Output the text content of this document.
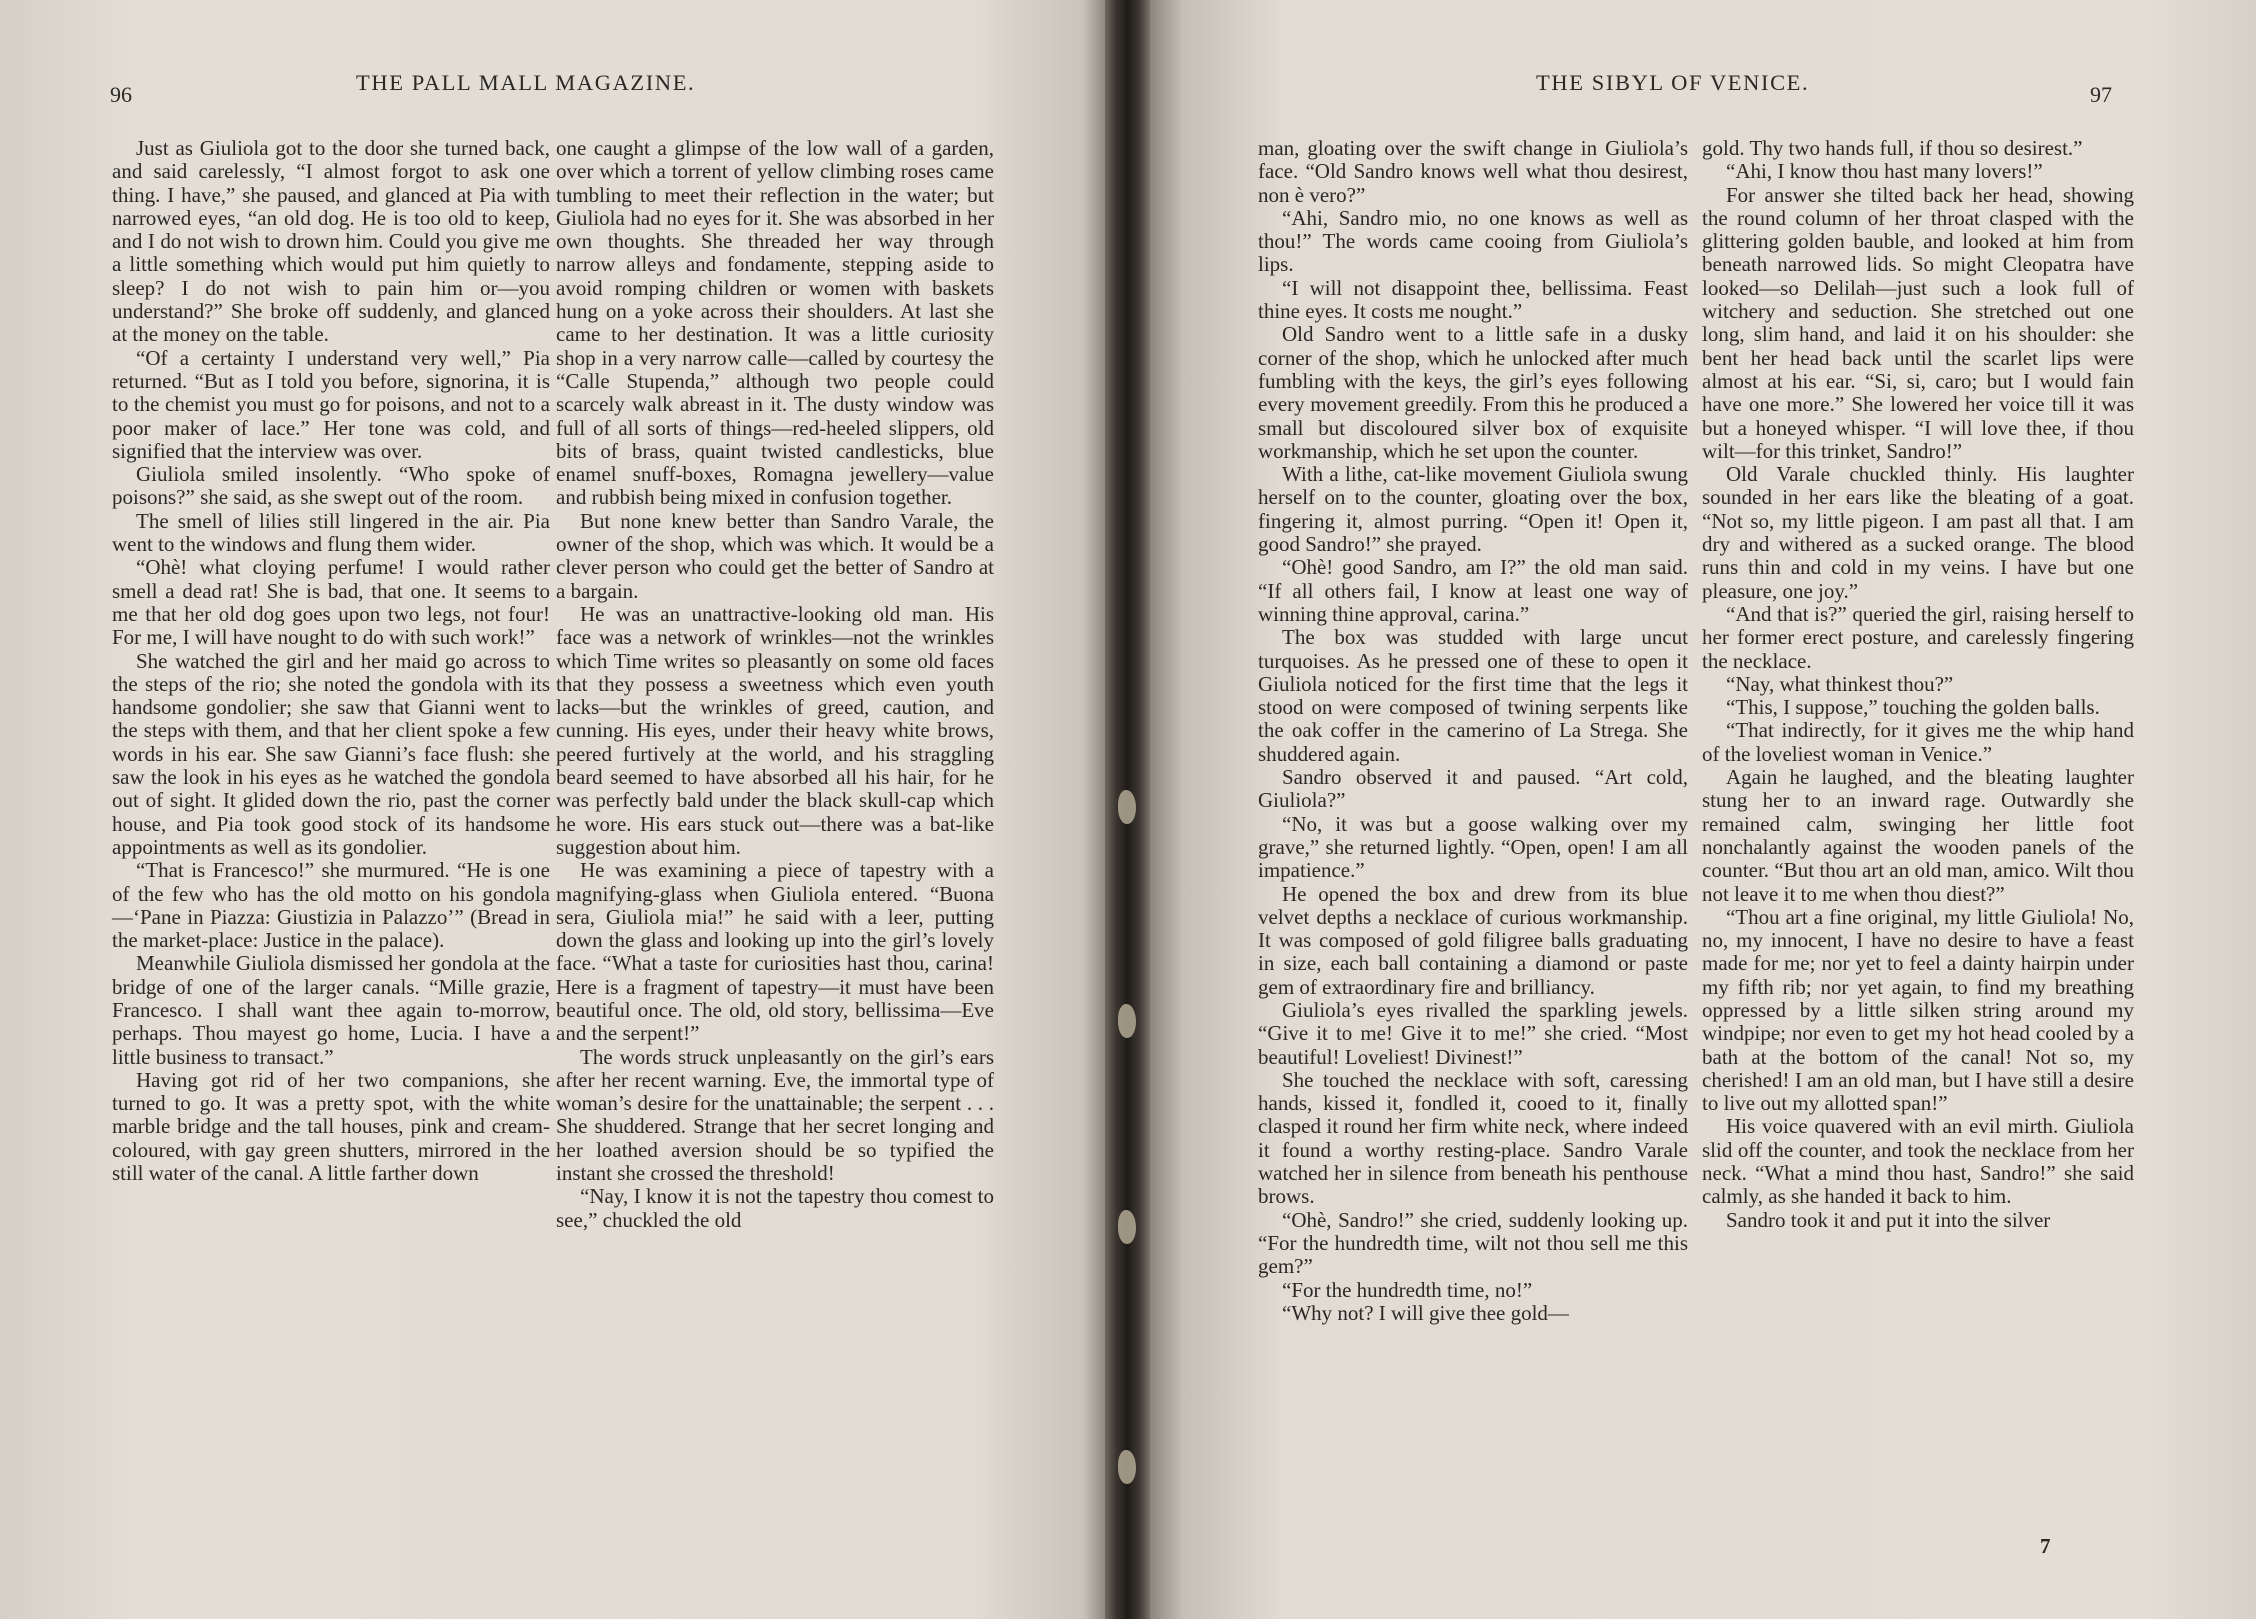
96	THE PALL MALL MAGAZINE.

Just as Giuliola got to the door she turned back, and said carelessly, “I almost forgot to ask one thing. I have,” she paused, and glanced at Pia with narrowed eyes, “an old dog. He is too old to keep, and I do not wish to drown him. Could you give me a little something which would put him quietly to sleep? I do not wish to pain him or—you understand?” She broke off suddenly, and glanced at the money on the table.

“Of a certainty I understand very well,” Pia returned. “But as I told you before, signorina, it is to the chemist you must go for poisons, and not to a poor maker of lace.” Her tone was cold, and signified that the interview was over.

Giuliola smiled insolently. “Who spoke of poisons?” she said, as she swept out of the room.

The smell of lilies still lingered in the air. Pia went to the windows and flung them wider.

“Ohè! what cloying perfume! I would rather smell a dead rat! She is bad, that one. It seems to me that her old dog goes upon two legs, not four! For me, I will have nought to do with such work!”

She watched the girl and her maid go across to the steps of the rio; she noted the gondola with its handsome gondolier; she saw that Gianni went to the steps with them, and that her client spoke a few words in his ear. She saw Gianni’s face flush: she saw the look in his eyes as he watched the gondola out of sight. It glided down the rio, past the corner house, and Pia took good stock of its handsome appointments as well as its gondolier.

“That is Francesco!” she murmured. “He is one of the few who has the old motto on his gondola—‘Pane in Piazza: Giustizia in Palazzo’” (Bread in the market-place: Justice in the palace).

Meanwhile Giuliola dismissed her gondola at the bridge of one of the larger canals. “Mille grazie, Francesco. I shall want thee again to-morrow, perhaps. Thou mayest go home, Lucia. I have a little business to transact.”

Having got rid of her two companions, she turned to go. It was a pretty spot, with the white marble bridge and the tall houses, pink and cream-coloured, with gay green shutters, mirrored in the still water of the canal. A little farther down

one caught a glimpse of the low wall of a garden, over which a torrent of yellow climbing roses came tumbling to meet their reflection in the water; but Giuliola had no eyes for it. She was absorbed in her own thoughts. She threaded her way through narrow alleys and fondamente, stepping aside to avoid romping children or women with baskets hung on a yoke across their shoulders. At last she came to her destination. It was a little curiosity shop in a very narrow calle—called by courtesy the “Calle Stupenda,” although two people could scarcely walk abreast in it. The dusty window was full of all sorts of things—red-heeled slippers, old bits of brass, quaint twisted candlesticks, blue enamel snuff-boxes, Romagna jewellery—value and rubbish being mixed in confusion together.

But none knew better than Sandro Varale, the owner of the shop, which was which. It would be a clever person who could get the better of Sandro at a bargain.

He was an unattractive-looking old man. His face was a network of wrinkles—not the wrinkles which Time writes so pleasantly on some old faces that they possess a sweetness which even youth lacks—but the wrinkles of greed, caution, and cunning. His eyes, under their heavy white brows, peered furtively at the world, and his straggling beard seemed to have absorbed all his hair, for he was perfectly bald under the black skull-cap which he wore. His ears stuck out—there was a bat-like suggestion about him.

He was examining a piece of tapestry with a magnifying-glass when Giuliola entered. “Buona sera, Giuliola mia!” he said with a leer, putting down the glass and looking up into the girl’s lovely face. “What a taste for curiosities hast thou, carina! Here is a fragment of tapestry—it must have been beautiful once. The old, old story, bellissima—Eve and the serpent!”

The words struck unpleasantly on the girl’s ears after her recent warning. Eve, the immortal type of woman’s desire for the unattainable; the serpent . . . She shuddered. Strange that her secret longing and her loathed aversion should be so typified the instant she crossed the threshold!

“Nay, I know it is not the tapestry thou comest to see,” chuckled the old

THE SIBYL OF VENICE.	97

man, gloating over the swift change in Giuliola’s face. “Old Sandro knows well what thou desirest, non è vero?”

“Ahi, Sandro mio, no one knows as well as thou!” The words came cooing from Giuliola’s lips.

“I will not disappoint thee, bellissima. Feast thine eyes. It costs me nought.”

Old Sandro went to a little safe in a dusky corner of the shop, which he unlocked after much fumbling with the keys, the girl’s eyes following every movement greedily. From this he produced a small but discoloured silver box of exquisite workmanship, which he set upon the counter.

With a lithe, cat-like movement Giuliola swung herself on to the counter, gloating over the box, fingering it, almost purring. “Open it! Open it, good Sandro!” she prayed.

“Ohè! good Sandro, am I?” the old man said. “If all others fail, I know at least one way of winning thine approval, carina.”

The box was studded with large uncut turquoises. As he pressed one of these to open it Giuliola noticed for the first time that the legs it stood on were composed of twining serpents like the oak coffer in the camerino of La Strega. She shuddered again.

Sandro observed it and paused. “Art cold, Giuliola?”

“No, it was but a goose walking over my grave,” she returned lightly. “Open, open! I am all impatience.”

He opened the box and drew from its blue velvet depths a necklace of curious workmanship. It was composed of gold filigree balls graduating in size, each ball containing a diamond or paste gem of extraordinary fire and brilliancy.

Giuliola’s eyes rivalled the sparkling jewels. “Give it to me! Give it to me!” she cried. “Most beautiful! Loveliest! Divinest!”

She touched the necklace with soft, caressing hands, kissed it, fondled it, cooed to it, finally clasped it round her firm white neck, where indeed it found a worthy resting-place. Sandro Varale watched her in silence from beneath his penthouse brows.

“Ohè, Sandro!” she cried, suddenly looking up. “For the hundredth time, wilt not thou sell me this gem?”

“For the hundredth time, no!”

“Why not? I will give thee gold—

gold. Thy two hands full, if thou so desirest.”

“Ahi, I know thou hast many lovers!”

For answer she tilted back her head, showing the round column of her throat clasped with the glittering golden bauble, and looked at him from beneath narrowed lids. So might Cleopatra have looked—so Delilah—just such a look full of witchery and seduction. She stretched out one long, slim hand, and laid it on his shoulder: she bent her head back until the scarlet lips were almost at his ear. “Si, si, caro; but I would fain have one more.” She lowered her voice till it was but a honeyed whisper. “I will love thee, if thou wilt—for this trinket, Sandro!”

Old Varale chuckled thinly. His laughter sounded in her ears like the bleating of a goat. “Not so, my little pigeon. I am past all that. I am dry and withered as a sucked orange. The blood runs thin and cold in my veins. I have but one pleasure, one joy.”

“And that is?” queried the girl, raising herself to her former erect posture, and carelessly fingering the necklace.

“Nay, what thinkest thou?”

“This, I suppose,” touching the golden balls.

“That indirectly, for it gives me the whip hand of the loveliest woman in Venice.”

Again he laughed, and the bleating laughter stung her to an inward rage. Outwardly she remained calm, swinging her little foot nonchalantly against the wooden panels of the counter. “But thou art an old man, amico. Wilt thou not leave it to me when thou diest?”

“Thou art a fine original, my little Giuliola! No, no, my innocent, I have no desire to have a feast made for me; nor yet to feel a dainty hairpin under my fifth rib; nor yet again, to find my breathing oppressed by a little silken string around my windpipe; nor even to get my hot head cooled by a bath at the bottom of the canal! Not so, my cherished! I am an old man, but I have still a desire to live out my allotted span!”

His voice quavered with an evil mirth. Giuliola slid off the counter, and took the necklace from her neck. “What a mind thou hast, Sandro!” she said calmly, as she handed it back to him.

Sandro took it and put it into the silver

7
